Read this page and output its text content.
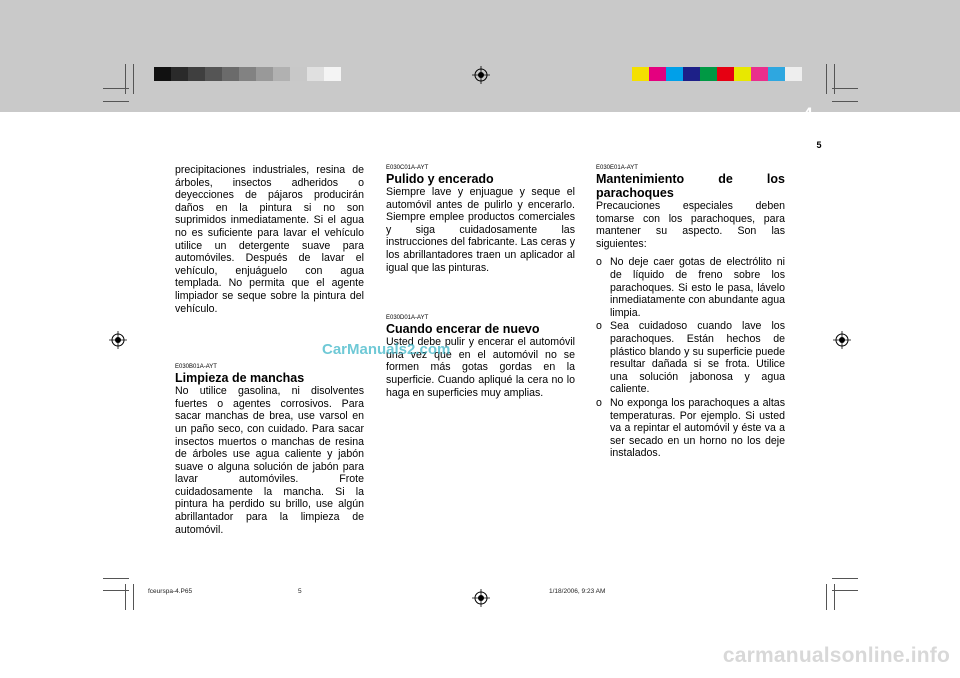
PREVENCION CONTRA LA CORROSIÓN Y BUEN CUIDADO 4
5

precipitaciones industriales, resina de árboles, insectos adheridos o deyecciones de pájaros producirán daños en la pintura si no son suprimidos inmediatamente. Si el agua no es suficiente para lavar el vehículo utilice un detergente suave para automóviles. Después de lavar el vehículo, enjuáguelo con agua templada. No permita que el agente limpiador se seque sobre la pintura del vehículo.

E030B01A-AYT

Limpieza de manchas

No utilice gasolina, ni disolventes fuertes o agentes corrosivos. Para sacar manchas de brea, use varsol en un paño seco, con cuidado. Para sacar insectos muertos o manchas de resina de árboles use agua caliente y jabón suave o alguna solución de jabón para lavar automóviles. Frote cuidadosamente la mancha. Si la pintura ha perdido su brillo, use algún abrillantador para la limpieza de automóvil.

E030C01A-AYT

Pulido y encerado

Siempre lave y enjuague y seque el automóvil antes de pulirlo y encerarlo. Siempre emplee productos comerciales y siga cuidadosamente las instrucciones del fabricante. Las ceras y los abrillantadores traen un aplicador al igual que las pinturas.

E030D01A-AYT

Cuando encerar de nuevo

Usted debe pulir y encerar el automóvil una vez que en el automóvil no se formen más gotas gordas en la superficie. Cuando apliqué la cera no lo haga en superficies muy amplias.

E030E01A-AYT

Mantenimiento de los parachoques

Precauciones especiales deben tomarse con los parachoques, para mantener su aspecto. Son las siguientes:

o No deje caer gotas de electrólito ni de líquido de freno sobre los parachoques. Si esto le pasa, lávelo inmediatamente con abundante agua limpia.
o Sea cuidadoso cuando lave los parachoques. Están hechos de plástico blando y su superficie puede resultar dañada si se frota. Utilice una solución jabonosa y agua caliente.
o No exponga los parachoques a altas temperaturas. Por ejemplo. Si usted va a repintar el automóvil y éste va a ser secado en un horno no los deje instalados.
CarManuals2.com
fceurspa-4.P65	5	1/18/2006, 9:23 AM
carmanualsonline.info
